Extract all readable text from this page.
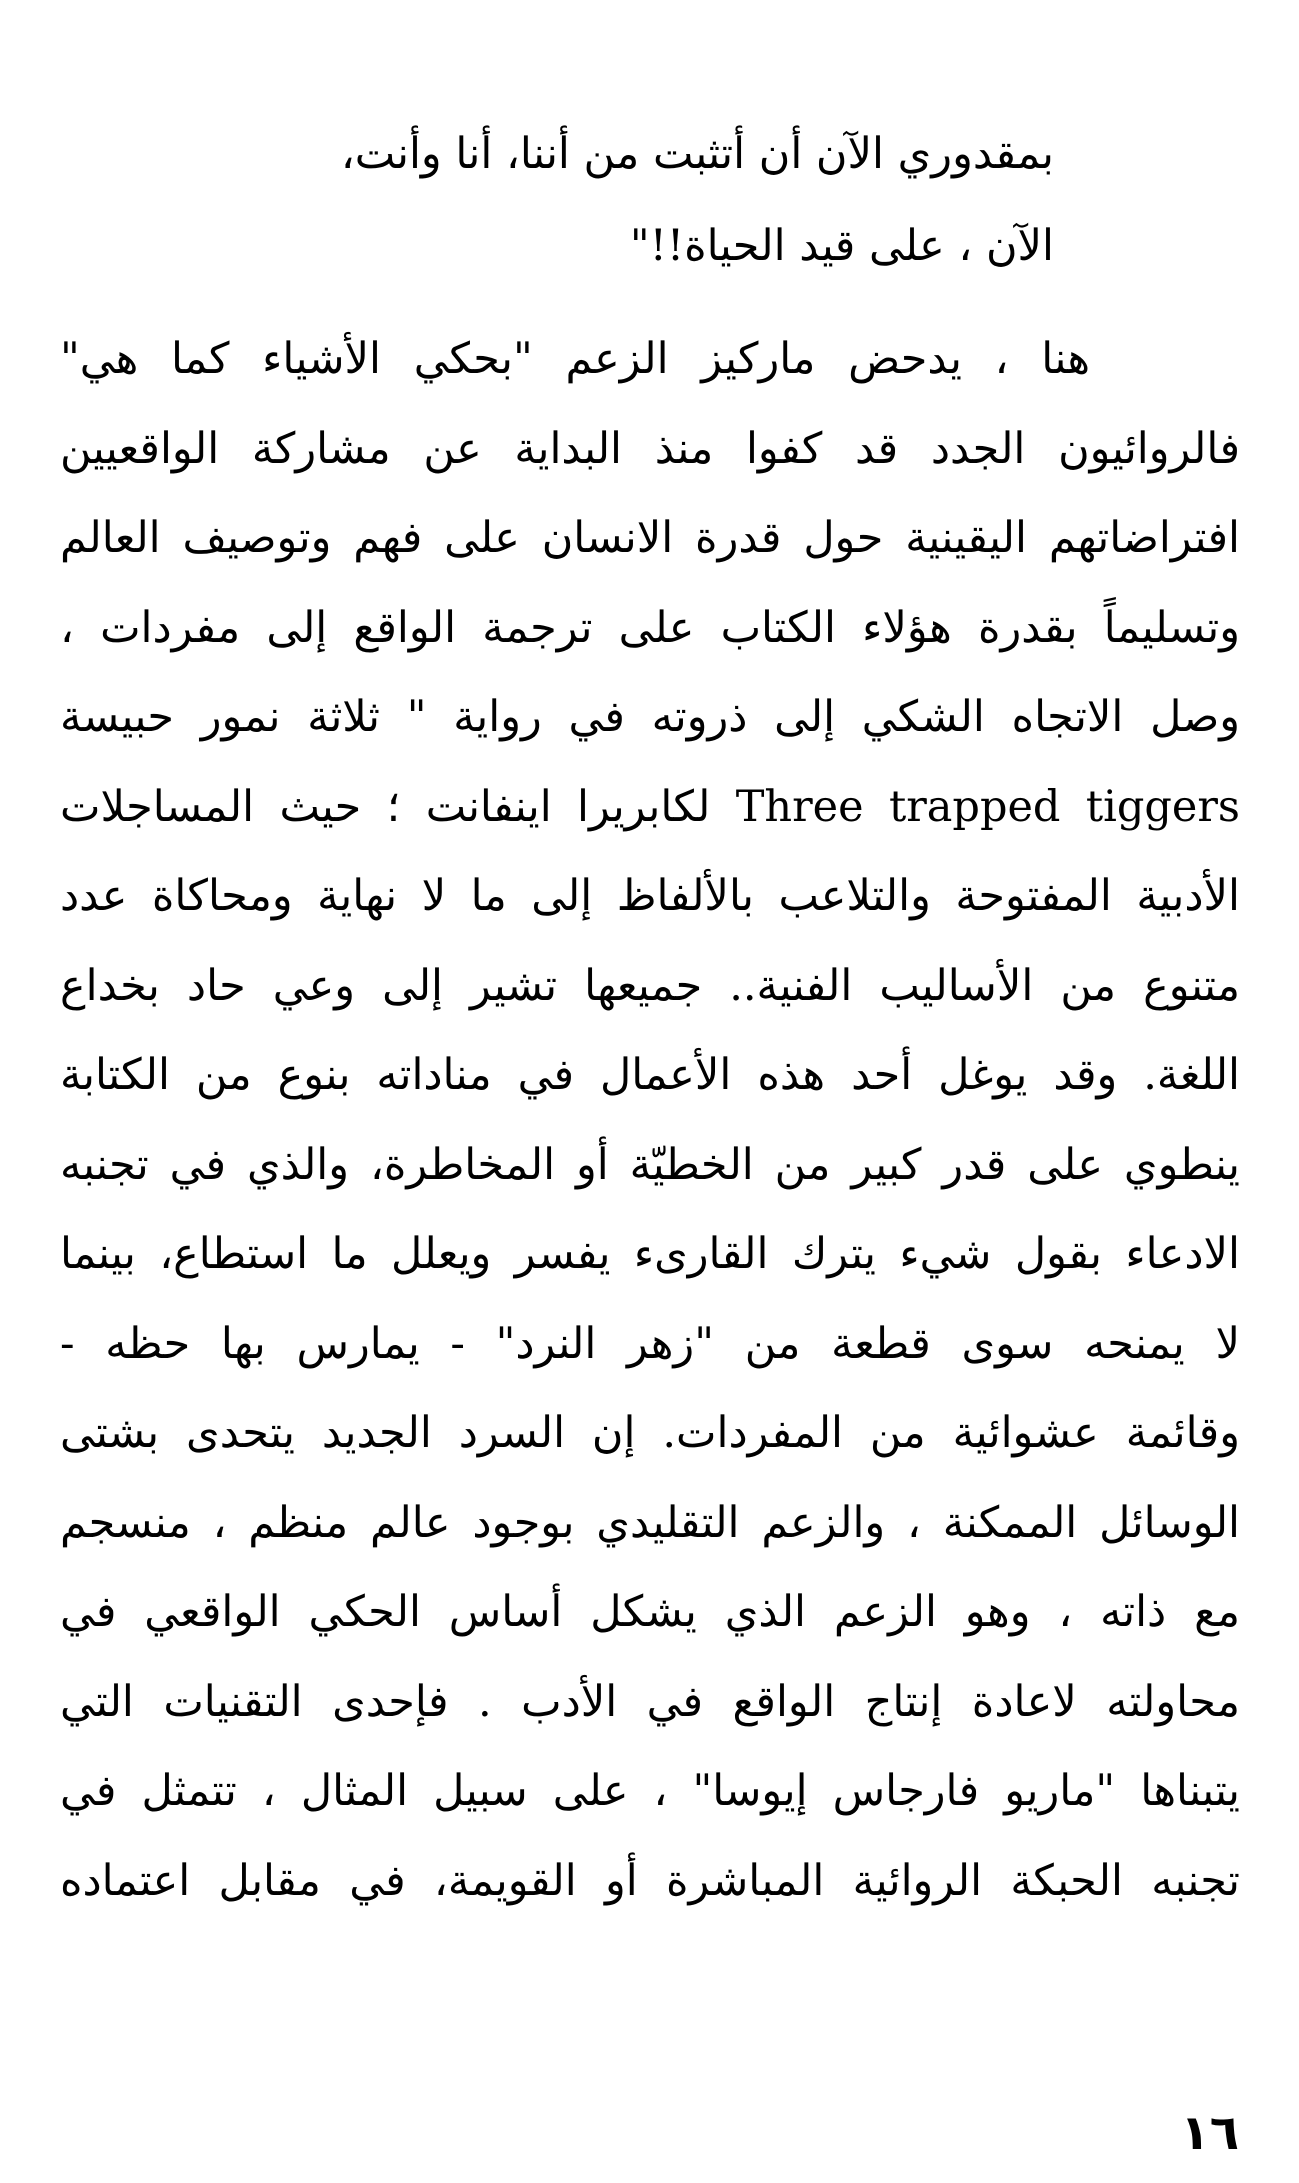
بمقدوري الآن أن أتثبت من أننا، أنا وأنت،
الآن ، على قيد الحياة!!"
هنا ، يدحض ماركيز الزعم "بحكي الأشياء كما هي"
فالروائيون الجدد قد كفوا منذ البداية عن مشاركة الواقعيين
افتراضاتهم اليقينية حول قدرة الانسان على فهم وتوصيف العالم
وتسليماً بقدرة هؤلاء الكتاب على ترجمة الواقع إلى مفردات ،
وصل الاتجاه الشكي إلى ذروته في رواية " ثلاثة نمور حبيسة
Three trapped tiggers لكابريرا اينفانت ؛ حيث المساجلات
الأدبية المفتوحة والتلاعب بالألفاظ إلى ما لا نهاية ومحاكاة عدد
متنوع من الأساليب الفنية.. جميعها تشير إلى وعي حاد بخداع
اللغة. وقد يوغل أحد هذه الأعمال في مناداته بنوع من الكتابة
ينطوي على قدر كبير من الخطيّة أو المخاطرة، والذي في تجنبه
الادعاء بقول شيء يترك القارىء يفسر ويعلل ما استطاع، بينما
لا يمنحه سوى قطعة من "زهر النرد" - يمارس بها حظه -
وقائمة عشوائية من المفردات. إن السرد الجديد يتحدى بشتى
الوسائل الممكنة ، والزعم التقليدي بوجود عالم منظم ، منسجم
مع ذاته ، وهو الزعم الذي يشكل أساس الحكي الواقعي في
محاولته لاعادة إنتاج الواقع في الأدب . فإحدى التقنيات التي
يتبناها "ماريو فارجاس إيوسا" ، على سبيل المثال ، تتمثل في
تجنبه الحبكة الروائية المباشرة أو القويمة، في مقابل اعتماده
١٦
